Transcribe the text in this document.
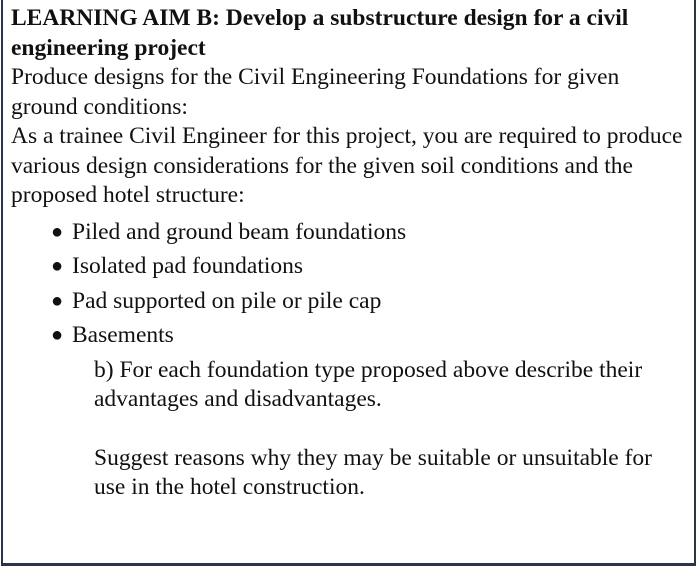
LEARNING AIM B: Develop a substructure design for a civil engineering project

Produce designs for the Civil Engineering Foundations for given ground conditions:

As a trainee Civil Engineer for this project, you are required to produce various design considerations for the given soil conditions and the proposed hotel structure:

● Piled and ground beam foundations
● Isolated pad foundations
● Pad supported on pile or pile cap
● Basements

b) For each foundation type proposed above describe their advantages and disadvantages.

Suggest reasons why they may be suitable or unsuitable for use in the hotel construction.
